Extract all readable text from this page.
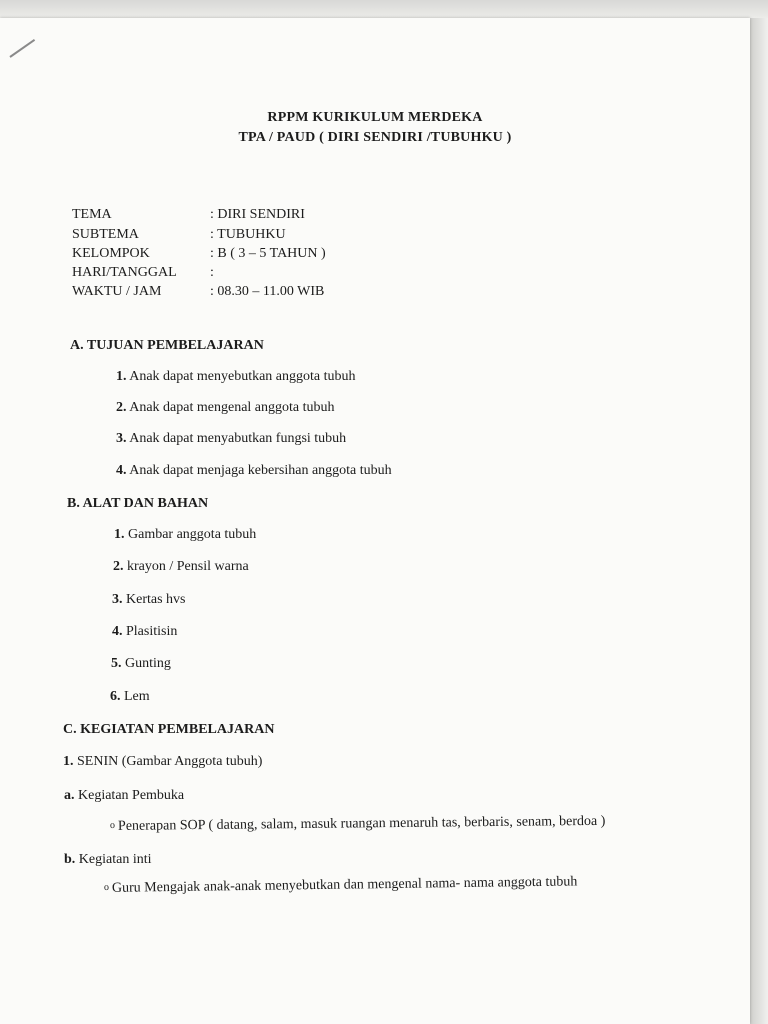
RPPM KURIKULUM MERDEKA
TPA / PAUD ( DIRI SENDIRI /TUBUHKU )
TEMA	: DIRI SENDIRI
SUBTEMA	: TUBUHKU
KELOMPOK	: B ( 3 – 5 TAHUN )
HARI/TANGGAL :
WAKTU / JAM	: 08.30 – 11.00 WIB
A. TUJUAN PEMBELAJARAN
1. Anak dapat menyebutkan anggota tubuh
2. Anak dapat mengenal anggota tubuh
3. Anak dapat menyabutkan fungsi tubuh
4. Anak dapat menjaga kebersihan anggota tubuh
B. ALAT DAN BAHAN
1. Gambar anggota tubuh
2. krayon / Pensil warna
3. Kertas hvs
4. Plasitisin
5. Gunting
6. Lem
C. KEGIATAN PEMBELAJARAN
1. SENIN (Gambar Anggota tubuh)
a. Kegiatan Pembuka
o Penerapan SOP ( datang, salam, masuk ruangan menaruh tas, berbaris, senam, berdoa )
b. Kegiatan inti
o Guru Mengajak anak-anak menyebutkan dan mengenal nama- nama anggota tubuh
